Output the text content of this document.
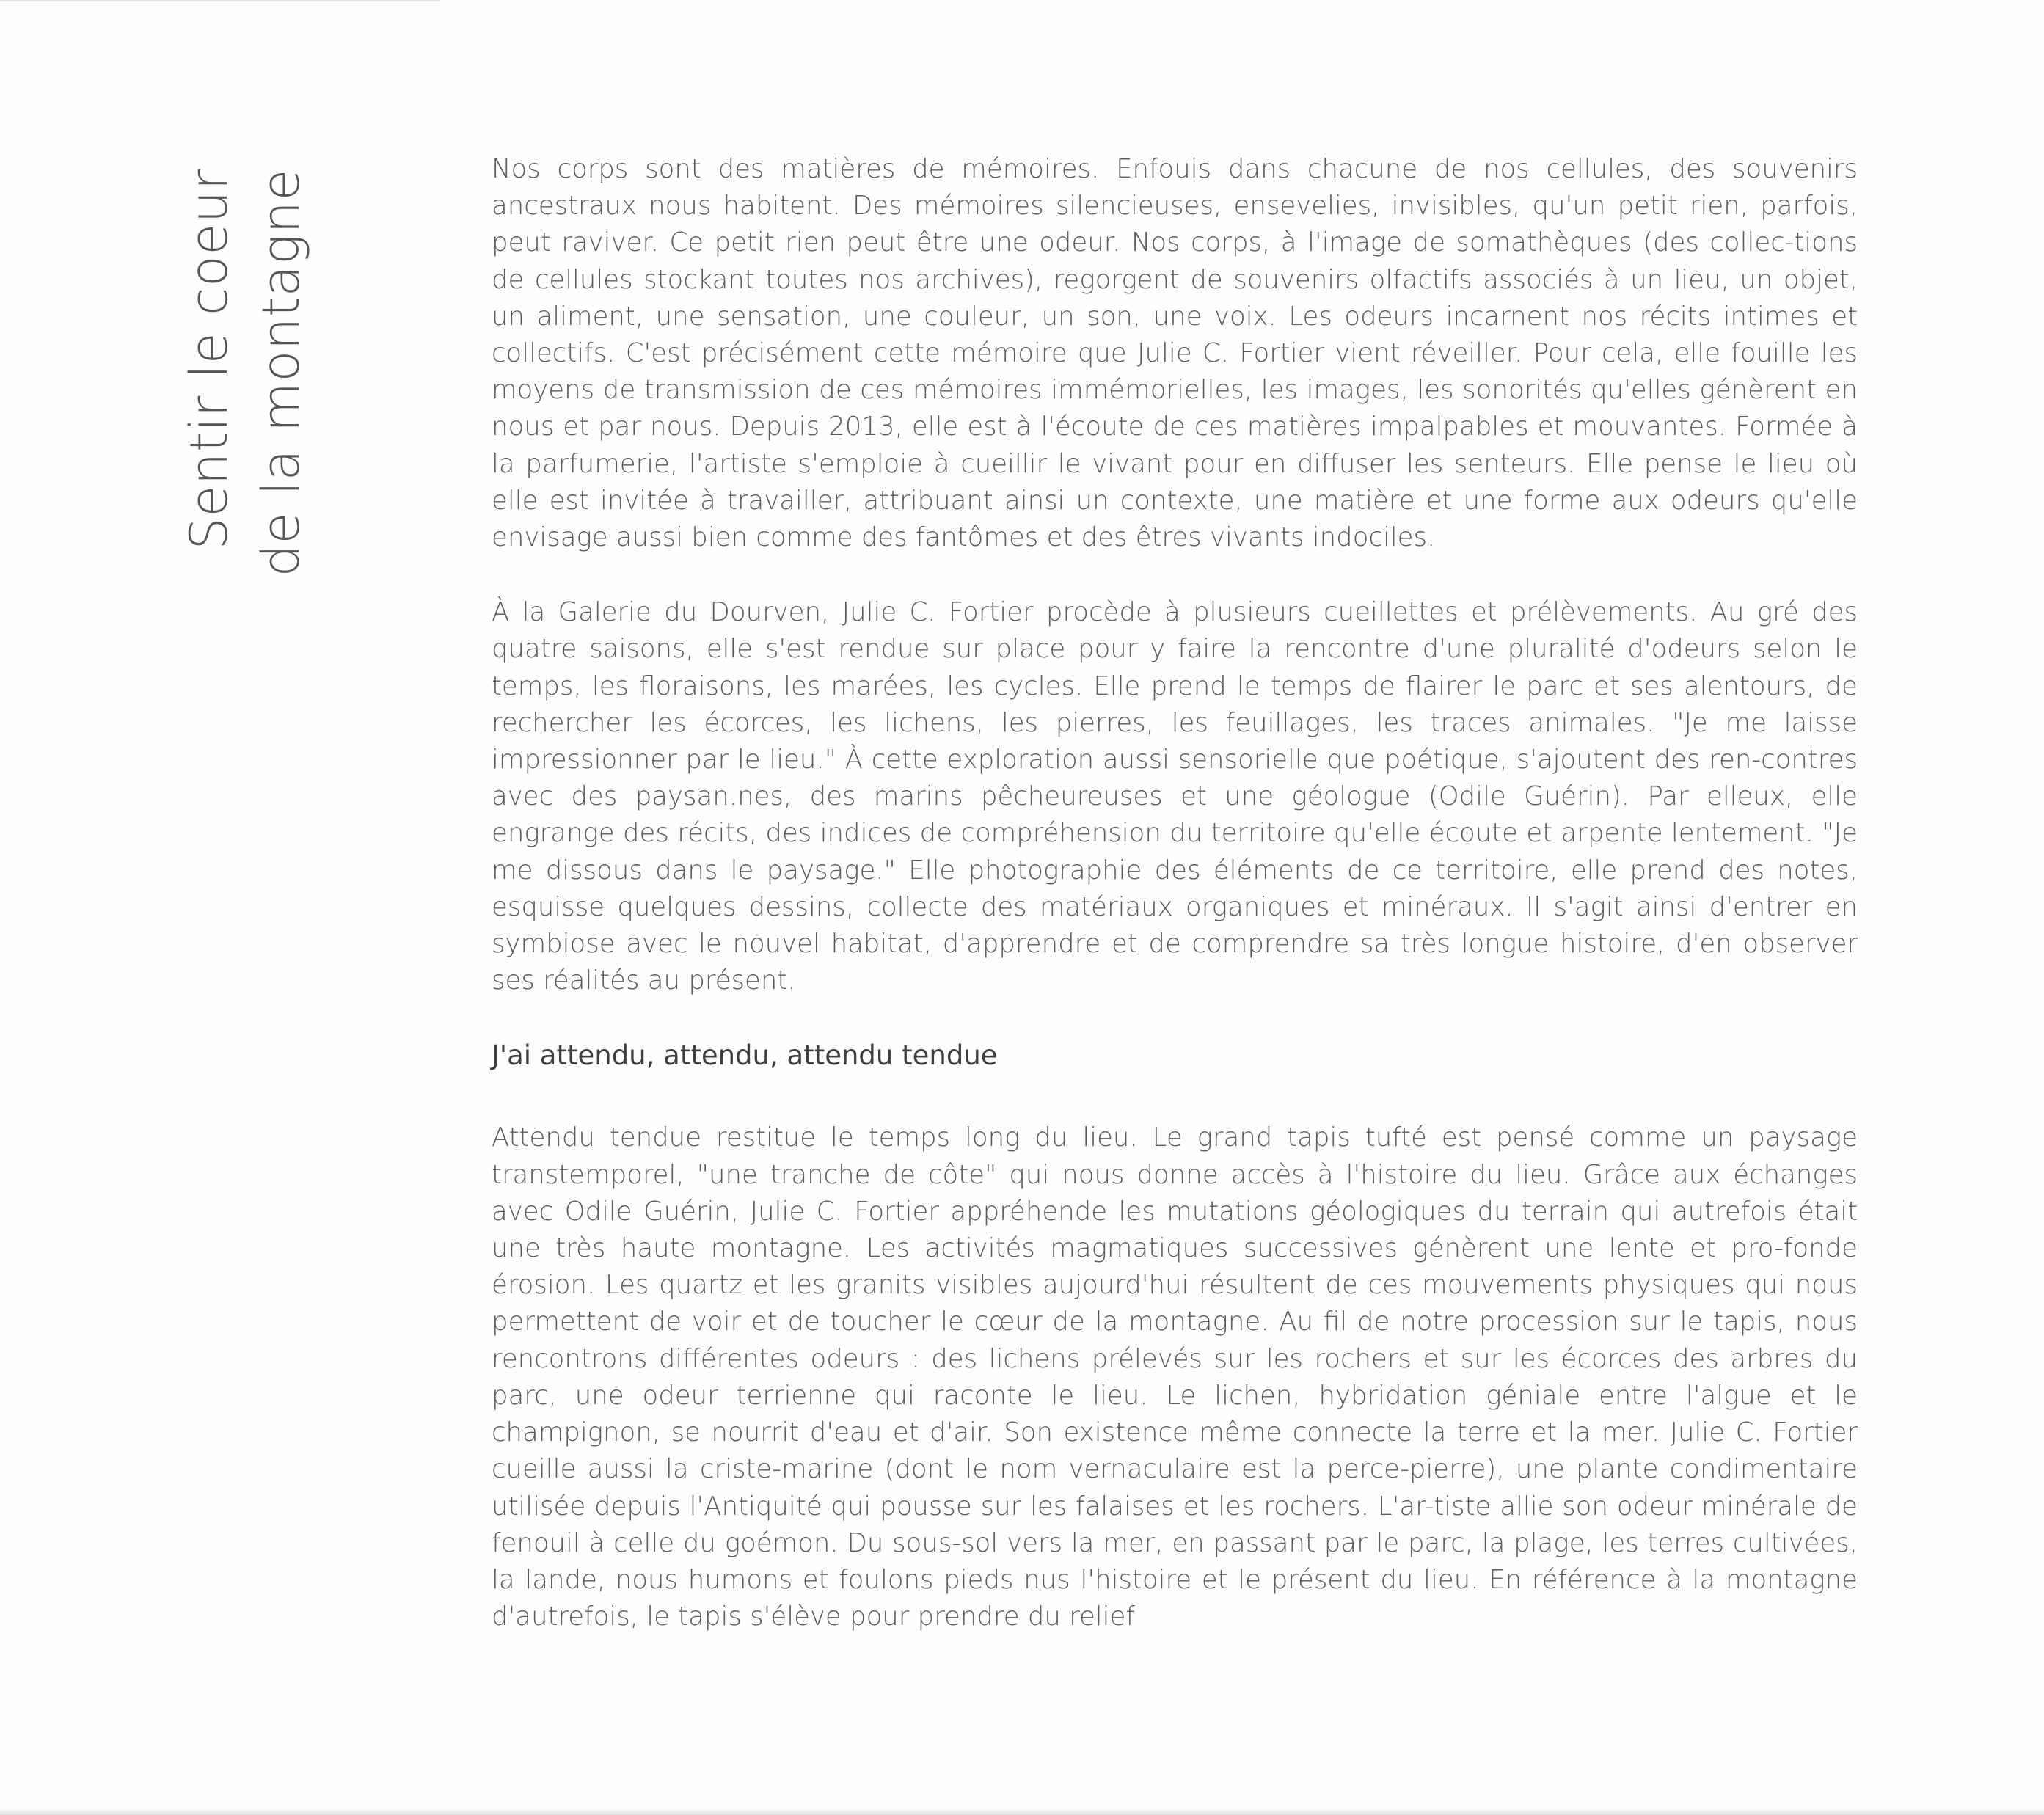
Sentir le coeur de la montagne	Nos corps sont des matières de mémoires. Enfouis dans chacune de nos cellules, des souvenirs ancestraux nous habitent. Des mémoires silencieuses, ensevelies, invisibles, qu'un petit rien, parfois, peut raviver. Ce petit rien peut être une odeur. Nos corps, à l'image de somathèques (des collec-tions de cellules stockant toutes nos archives), regorgent de souvenirs olfactifs associés à un lieu, un objet, un aliment, une sensation, une couleur, un son, une voix. Les odeurs incarnent nos récits intimes et collectifs. C'est précisément cette mémoire que Julie C. Fortier vient réveiller. Pour cela, elle fouille les moyens de transmission de ces mémoires immémorielles, les images, les sonorités qu'elles génèrent en nous et par nous. Depuis 2013, elle est à l'écoute de ces matières impalpables et mouvantes. Formée à la parfumerie, l'artiste s'emploie à cueillir le vivant pour en diffuser les senteurs. Elle pense le lieu où elle est invitée à travailler, attribuant ainsi un contexte, une matière et une forme aux odeurs qu'elle envisage aussi bien comme des fantômes et des êtres vivants indociles.

À la Galerie du Dourven, Julie C. Fortier procède à plusieurs cueillettes et prélèvements. Au gré des quatre saisons, elle s'est rendue sur place pour y faire la rencontre d'une pluralité d'odeurs selon le temps, les floraisons, les marées, les cycles. Elle prend le temps de flairer le parc et ses alentours, de rechercher les écorces, les lichens, les pierres, les feuillages, les traces animales. "Je me laisse impressionner par le lieu." À cette exploration aussi sensorielle que poétique, s'ajoutent des ren-contres avec des paysan.nes, des marins pêcheureuses et une géologue (Odile Guérin). Par elleux, elle engrange des récits, des indices de compréhension du territoire qu'elle écoute et arpente lentement. "Je me dissous dans le paysage." Elle photographie des éléments de ce territoire, elle prend des notes, esquisse quelques dessins, collecte des matériaux organiques et minéraux. Il s'agit ainsi d'entrer en symbiose avec le nouvel habitat, d'apprendre et de comprendre sa très longue histoire, d'en observer ses réalités au présent.

J'ai attendu, attendu, attendu tendue

Attendu tendue restitue le temps long du lieu. Le grand tapis tufté est pensé comme un paysage transtemporel, "une tranche de côte" qui nous donne accès à l'histoire du lieu. Grâce aux échanges avec Odile Guérin, Julie C. Fortier appréhende les mutations géologiques du terrain qui autrefois était une très haute montagne. Les activités magmatiques successives génèrent une lente et pro-fonde érosion. Les quartz et les granits visibles aujourd'hui résultent de ces mouvements physiques qui nous permettent de voir et de toucher le cœur de la montagne. Au fil de notre procession sur le tapis, nous rencontrons différentes odeurs : des lichens prélevés sur les rochers et sur les écorces des arbres du parc, une odeur terrienne qui raconte le lieu. Le lichen, hybridation géniale entre l'algue et le champignon, se nourrit d'eau et d'air. Son existence même connecte la terre et la mer. Julie C. Fortier cueille aussi la criste-marine (dont le nom vernaculaire est la perce-pierre), une plante condimentaire utilisée depuis l'Antiquité qui pousse sur les falaises et les rochers. L'ar-tiste allie son odeur minérale de fenouil à celle du goémon. Du sous-sol vers la mer, en passant par le parc, la plage, les terres cultivées, la lande, nous humons et foulons pieds nus l'histoire et le présent du lieu. En référence à la montagne d'autrefois, le tapis s'élève pour prendre du relief
